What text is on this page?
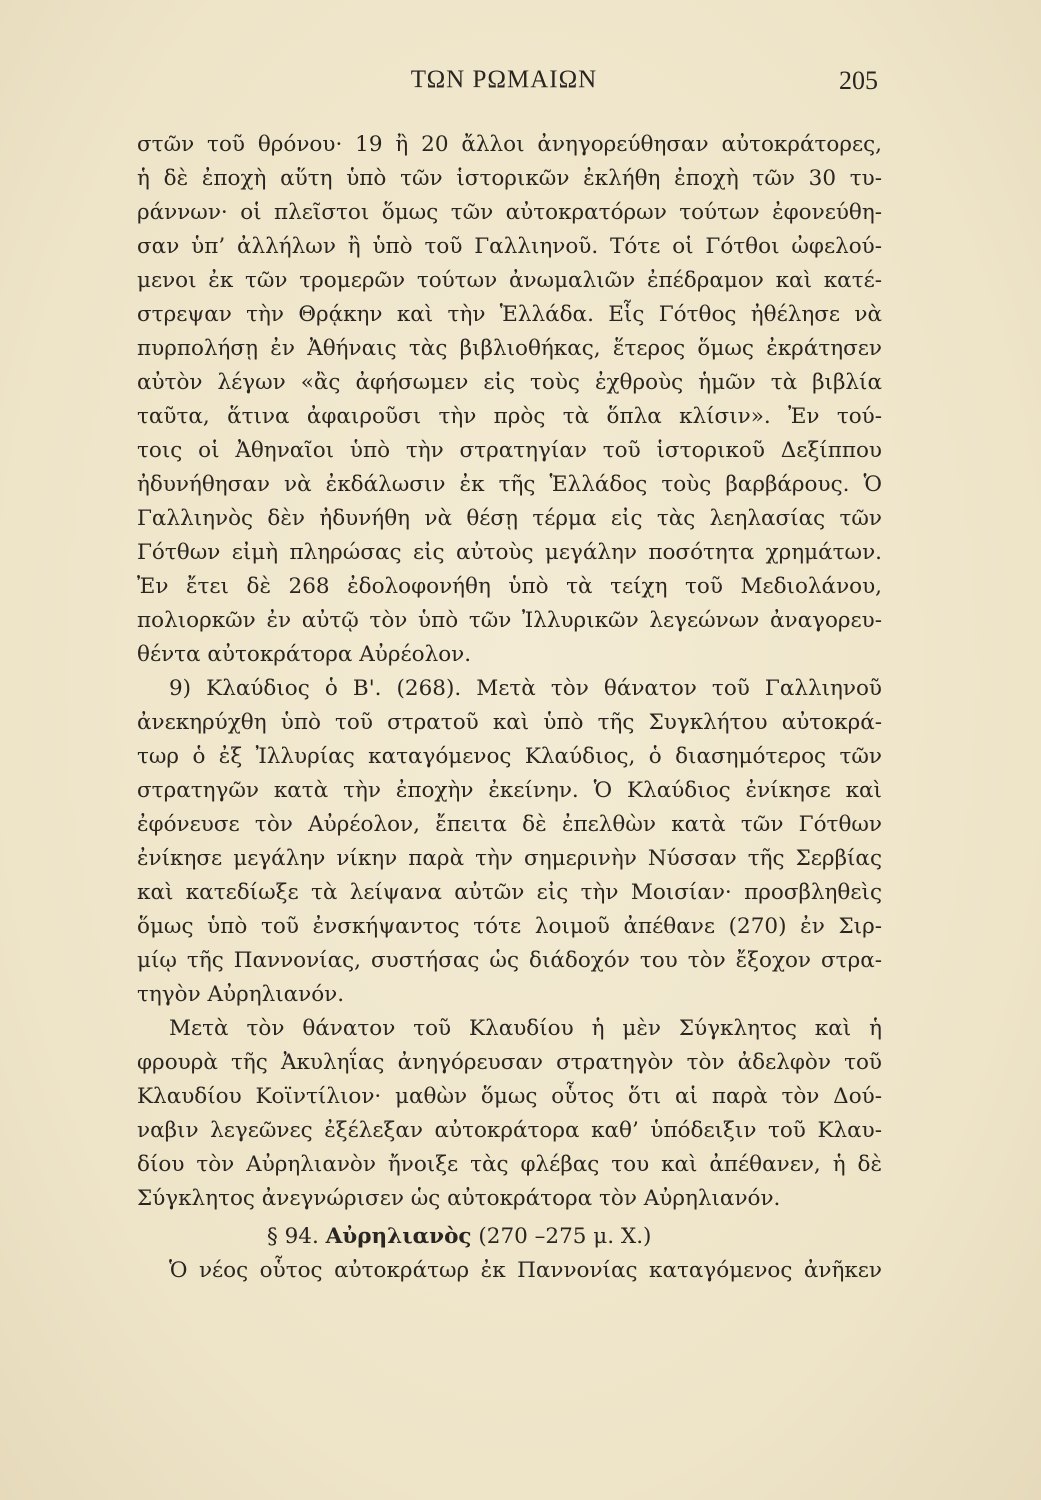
ΤΩΝ ΡΩΜΑΙΩΝ	205
στῶν τοῦ θρόνου· 19 ἢ 20 ἄλλοι ἀνηγορεύθησαν αὐτοκράτορες,
ἡ δὲ ἐποχὴ αὕτη ὑπὸ τῶν ἱστορικῶν ἐκλήθη ἐποχὴ τῶν 30 τυ-
ράννων· οἱ πλεῖστοι ὅμως τῶν αὐτοκρατόρων τούτων ἐφονεύθη-
σαν ὑπ’ ἀλλήλων ἢ ὑπὸ τοῦ Γαλλιηνοῦ. Τότε οἱ Γότθοι ὠφελού-
μενοι ἐκ τῶν τρομερῶν τούτων ἀνωμαλιῶν ἐπέδραμον καὶ κατέ-
στρεψαν τὴν Θρᾴκην καὶ τὴν Ἑλλάδα. Εἷς Γότθος ἠθέλησε νὰ
πυρπολήσῃ ἐν Ἀθήναις τὰς βιβλιοθήκας, ἕτερος ὅμως ἐκράτησεν
αὐτὸν λέγων «ἂς ἀφήσωμεν εἰς τοὺς ἐχθροὺς ἡμῶν τὰ βιβλία
ταῦτα, ἅτινα ἀφαιροῦσι τὴν πρὸς τὰ ὅπλα κλίσιν». Ἐν τού-
τοις οἱ Ἀθηναῖοι ὑπὸ τὴν στρατηγίαν τοῦ ἱστορικοῦ Δεξίππου
ἠδυνήθησαν νὰ ἐκδάλωσιν ἐκ τῆς Ἑλλάδος τοὺς βαρβάρους. Ὁ
Γαλλιηνὸς δὲν ἠδυνήθη νὰ θέσῃ τέρμα εἰς τὰς λεηλασίας τῶν
Γότθων εἰμὴ πληρώσας εἰς αὐτοὺς μεγάλην ποσότητα χρημάτων.
Ἐν ἔτει δὲ 268 ἐδολοφονήθη ὑπὸ τὰ τείχη τοῦ Μεδιολάνου,
πολιορκῶν ἐν αὐτῷ τὸν ὑπὸ τῶν Ἰλλυρικῶν λεγεώνων ἀναγορευ-
θέντα αὐτοκράτορα Αὐρέολον.
9) Κλαύδιος ὁ Β'. (268). Μετὰ τὸν θάνατον τοῦ Γαλλιηνοῦ
ἀνεκηρύχθη ὑπὸ τοῦ στρατοῦ καὶ ὑπὸ τῆς Συγκλήτου αὐτοκρά-
τωρ ὁ ἐξ Ἰλλυρίας καταγόμενος Κλαύδιος, ὁ διασημότερος τῶν
στρατηγῶν κατὰ τὴν ἐποχὴν ἐκείνην. Ὁ Κλαύδιος ἐνίκησε καὶ
ἐφόνευσε τὸν Αὐρέολον, ἔπειτα δὲ ἐπελθὼν κατὰ τῶν Γότθων
ἐνίκησε μεγάλην νίκην παρὰ τὴν σημερινὴν Νύσσαν τῆς Σερβίας
καὶ κατεδίωξε τὰ λείψανα αὐτῶν εἰς τὴν Μοισίαν· προσβληθεὶς
ὅμως ὑπὸ τοῦ ἐνσκήψαντος τότε λοιμοῦ ἀπέθανε (270) ἐν Σιρ-
μίῳ τῆς Παννονίας, συστήσας ὡς διάδοχόν του τὸν ἔξοχον στρα-
τηγὸν Αὐρηλιανόν.
Μετὰ τὸν θάνατον τοῦ Κλαυδίου ἡ μὲν Σύγκλητος καὶ ἡ
φρουρὰ τῆς Ἀκυληΐας ἀνηγόρευσαν στρατηγὸν τὸν ἀδελφὸν τοῦ
Κλαυδίου Κοϊντίλιον· μαθὼν ὅμως οὗτος ὅτι αἱ παρὰ τὸν Δού-
ναβιν λεγεῶνες ἐξέλεξαν αὐτοκράτορα καθ’ ὑπόδειξιν τοῦ Κλαυ-
δίου τὸν Αὐρηλιανὸν ἤνοιξε τὰς φλέβας του καὶ ἀπέθανεν, ἡ δὲ
Σύγκλητος ἀνεγνώρισεν ὡς αὐτοκράτορα τὸν Αὐρηλιανόν.
§ 94. Αὐρηλιανὸς (270 –275 μ. Χ.)
Ὁ νέος οὗτος αὐτοκράτωρ ἐκ Παννονίας καταγόμενος ἀνῆκεν
